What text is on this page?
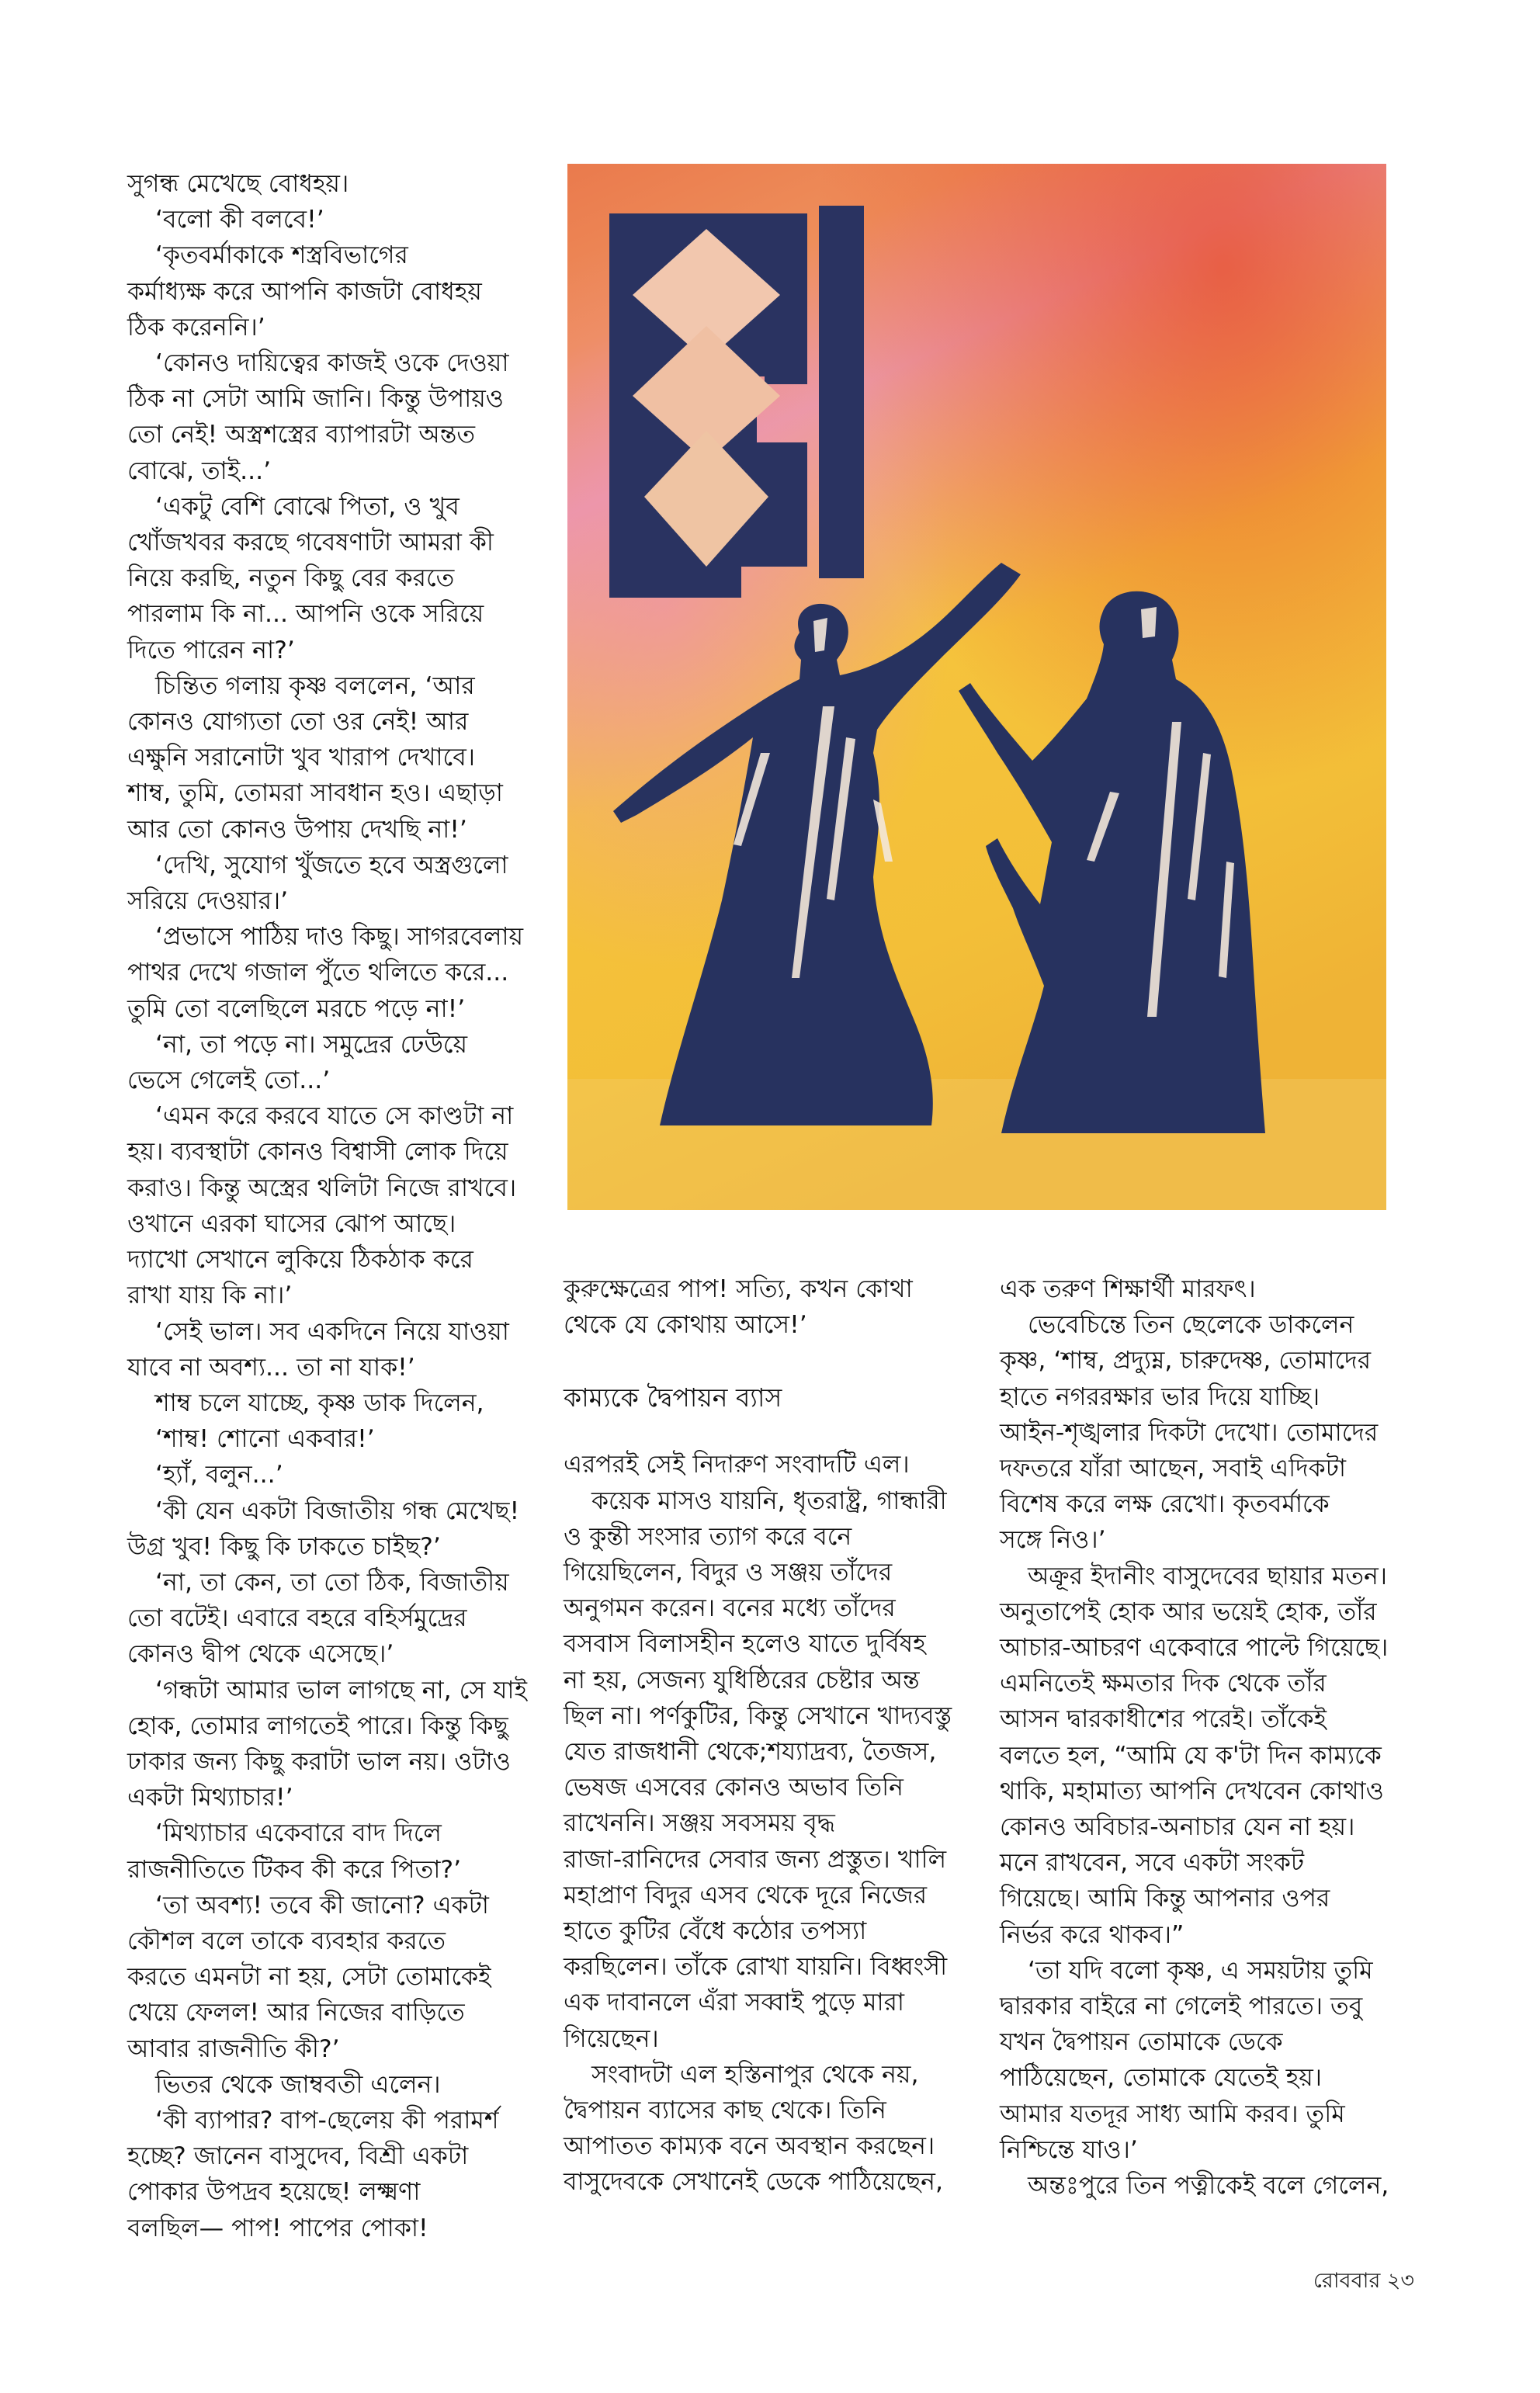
সুগন্ধ মেখেছে বোধহয়।

‘বলো কী বলবে!’

‘কৃতবর্মাকাকে শস্ত্রবিভাগের

কর্মাধ্যক্ষ করে আপনি কাজটা বোধহয়

ঠিক করেননি।’

‘কোনও দায়িত্বের কাজই ওকে দেওয়া

ঠিক না সেটা আমি জানি। কিন্তু উপায়ও

তো নেই! অস্ত্রশস্ত্রের ব্যাপারটা অন্তত

বোঝে, তাই...’

‘একটু বেশি বোঝে পিতা, ও খুব

খোঁজখবর করছে গবেষণাটা আমরা কী

নিয়ে করছি, নতুন কিছু বের করতে

পারলাম কি না... আপনি ওকে সরিয়ে

দিতে পারেন না?’

চিন্তিত গলায় কৃষ্ণ বললেন, ‘আর

কোনও যোগ্যতা তো ওর নেই! আর

এক্ষুনি সরানোটা খুব খারাপ দেখাবে।

শাম্ব, তুমি, তোমরা সাবধান হও। এছাড়া

আর তো কোনও উপায় দেখছি না!’

‘দেখি, সুযোগ খুঁজতে হবে অস্ত্রগুলো

সরিয়ে দেওয়ার।’

‘প্রভাসে পাঠিয় দাও কিছু। সাগরবেলায়

পাথর দেখে গজাল পুঁতে থলিতে করে...

তুমি তো বলেছিলে মরচে পড়ে না!’

‘না, তা পড়ে না। সমুদ্রের ঢেউয়ে

ভেসে গেলেই তো...’

‘এমন করে করবে যাতে সে কাণ্ডটা না

হয়। ব্যবস্থাটা কোনও বিশ্বাসী লোক দিয়ে

করাও। কিন্তু অস্ত্রের থলিটা নিজে রাখবে।

ওখানে এরকা ঘাসের ঝোপ আছে।

দ্যাখো সেখানে লুকিয়ে ঠিকঠাক করে

রাখা যায় কি না।’

‘সেই ভাল। সব একদিনে নিয়ে যাওয়া

যাবে না অবশ্য... তা না যাক!’

শাম্ব চলে যাচ্ছে, কৃষ্ণ ডাক দিলেন,

‘শাম্ব! শোনো একবার!’

‘হ্যাঁ, বলুন...’

‘কী যেন একটা বিজাতীয় গন্ধ মেখেছ!

উগ্র খুব! কিছু কি ঢাকতে চাইছ?’

‘না, তা কেন, তা তো ঠিক, বিজাতীয়

তো বটেই। এবারে বহরে বহির্সমুদ্রের

কোনও দ্বীপ থেকে এসেছে।’

‘গন্ধটা আমার ভাল লাগছে না, সে যাই

হোক, তোমার লাগতেই পারে। কিন্তু কিছু

ঢাকার জন্য কিছু করাটা ভাল নয়। ওটাও

একটা মিথ্যাচার!’

‘মিথ্যাচার একেবারে বাদ দিলে

রাজনীতিতে টিকব কী করে পিতা?’

‘তা অবশ্য! তবে কী জানো? একটা

কৌশল বলে তাকে ব্যবহার করতে

করতে এমনটা না হয়, সেটা তোমাকেই

খেয়ে ফেলল! আর নিজের বাড়িতে

আবার রাজনীতি কী?’

ভিতর থেকে জাম্ববতী এলেন।

‘কী ব্যাপার? বাপ-ছেলেয় কী পরামর্শ

হচ্ছে? জানেন বাসুদেব, বিশ্রী একটা

পোকার উপদ্রব হয়েছে! লক্ষ্মণা

বলছিল— পাপ! পাপের পোকা!

কুরুক্ষেত্রের পাপ! সত্যি, কখন কোথা

থেকে যে কোথায় আসে!’

কাম্যকে দ্বৈপায়ন ব্যাস

এরপরই সেই নিদারুণ সংবাদটি এল।

কয়েক মাসও যায়নি, ধৃতরাষ্ট্র, গান্ধারী

ও কুন্তী সংসার ত্যাগ করে বনে

গিয়েছিলেন, বিদুর ও সঞ্জয় তাঁদের

অনুগমন করেন। বনের মধ্যে তাঁদের

বসবাস বিলাসহীন হলেও যাতে দুর্বিষহ

না হয়, সেজন্য যুধিষ্ঠিরের চেষ্টার অন্ত

ছিল না। পর্ণকুটির, কিন্তু সেখানে খাদ্যবস্তু

যেত রাজধানী থেকে;শয্যাদ্রব্য, তৈজস,

ভেষজ এসবের কোনও অভাব তিনি

রাখেননি। সঞ্জয় সবসময় বৃদ্ধ

রাজা-রানিদের সেবার জন্য প্রস্তুত। খালি

মহাপ্রাণ বিদুর এসব থেকে দূরে নিজের

হাতে কুটির বেঁধে কঠোর তপস্যা

করছিলেন। তাঁকে রোখা যায়নি। বিধ্বংসী

এক দাবানলে এঁরা সব্বাই পুড়ে মারা

গিয়েছেন।

সংবাদটা এল হস্তিনাপুর থেকে নয়,

দ্বৈপায়ন ব্যাসের কাছ থেকে। তিনি

আপাতত কাম্যক বনে অবস্থান করছেন।

বাসুদেবকে সেখানেই ডেকে পাঠিয়েছেন,

এক তরুণ শিক্ষার্থী মারফৎ।

ভেবেচিন্তে তিন ছেলেকে ডাকলেন

কৃষ্ণ, ‘শাম্ব, প্রদ্যুম্ন, চারুদেষ্ণ, তোমাদের

হাতে নগররক্ষার ভার দিয়ে যাচ্ছি।

আইন-শৃঙ্খলার দিকটা দেখো। তোমাদের

দফতরে যাঁরা আছেন, সবাই এদিকটা

বিশেষ করে লক্ষ রেখো। কৃতবর্মাকে

সঙ্গে নিও।’

অক্রূর ইদানীং বাসুদেবের ছায়ার মতন।

অনুতাপেই হোক আর ভয়েই হোক, তাঁর

আচার-আচরণ একেবারে পাল্টে গিয়েছে।

এমনিতেই ক্ষমতার দিক থেকে তাঁর

আসন দ্বারকাধীশের পরেই। তাঁকেই

বলতে হল, “আমি যে ক'টা দিন কাম্যকে

থাকি, মহামাত্য আপনি দেখবেন কোথাও

কোনও অবিচার-অনাচার যেন না হয়।

মনে রাখবেন, সবে একটা সংকট

গিয়েছে। আমি কিন্তু আপনার ওপর

নির্ভর করে থাকব।”

‘তা যদি বলো কৃষ্ণ, এ সময়টায় তুমি

দ্বারকার বাইরে না গেলেই পারতে। তবু

যখন দ্বৈপায়ন তোমাকে ডেকে

পাঠিয়েছেন, তোমাকে যেতেই হয়।

আমার যতদূর সাধ্য আমি করব। তুমি

নিশ্চিন্তে যাও।’

অন্তঃপুরে তিন পত্নীকেই বলে গেলেন,

রোববার ২৩
